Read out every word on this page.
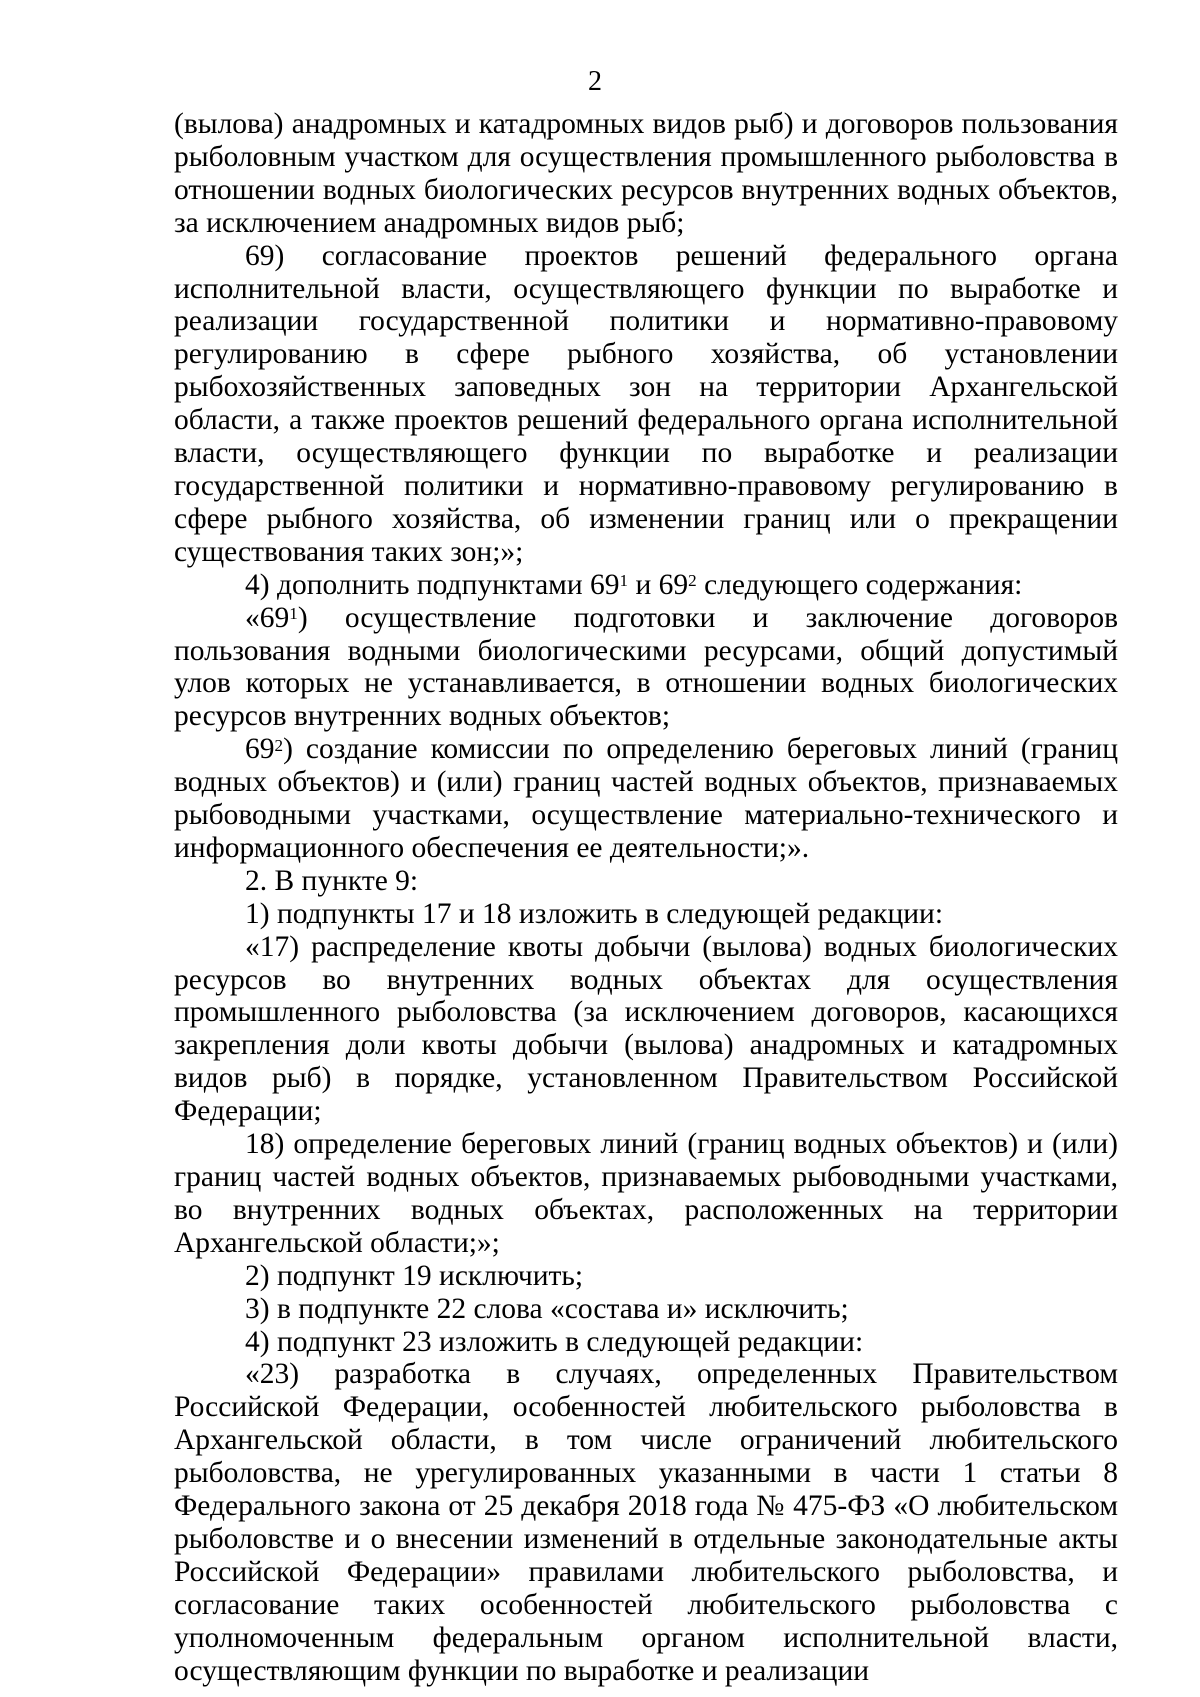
2

(вылова) анадромных и катадромных видов рыб) и договоров пользования рыболовным участком для осуществления промышленного рыболовства в отношении водных биологических ресурсов внутренних водных объектов, за исключением анадромных видов рыб;

69) согласование проектов решений федерального органа исполнительной власти, осуществляющего функции по выработке и реализации государственной политики и нормативно-правовому регулированию в сфере рыбного хозяйства, об установлении рыбохозяйственных заповедных зон на территории Архангельской области, а также проектов решений федерального органа исполнительной власти, осуществляющего функции по выработке и реализации государственной политики и нормативно-правовому регулированию в сфере рыбного хозяйства, об изменении границ или о прекращении существования таких зон;»;

4) дополнить подпунктами $69^1$ и $69^2$ следующего содержания:

«$69^1$) осуществление подготовки и заключение договоров пользования водными биологическими ресурсами, общий допустимый улов которых не устанавливается, в отношении водных биологических ресурсов внутренних водных объектов;

$69^2$) создание комиссии по определению береговых линий (границ водных объектов) и (или) границ частей водных объектов, признаваемых рыбоводными участками, осуществление материально-технического и информационного обеспечения ее деятельности;».

2. В пункте 9:

1) подпункты 17 и 18 изложить в следующей редакции:

«17) распределение квоты добычи (вылова) водных биологических ресурсов во внутренних водных объектах для осуществления промышленного рыболовства (за исключением договоров, касающихся закрепления доли квоты добычи (вылова) анадромных и катадромных видов рыб) в порядке, установленном Правительством Российской Федерации;

18) определение береговых линий (границ водных объектов) и (или) границ частей водных объектов, признаваемых рыбоводными участками, во внутренних водных объектах, расположенных на территории Архангельской области;»;

2) подпункт 19 исключить;

3) в подпункте 22 слова «состава и» исключить;

4) подпункт 23 изложить в следующей редакции:

«23) разработка в случаях, определенных Правительством Российской Федерации, особенностей любительского рыболовства в Архангельской области, в том числе ограничений любительского рыболовства, не урегулированных указанными в части 1 статьи 8 Федерального закона от 25 декабря 2018 года № 475-ФЗ «О любительском рыболовстве и о внесении изменений в отдельные законодательные акты Российской Федерации» правилами любительского рыболовства, и согласование таких особенностей любительского рыболовства с уполномоченным федеральным органом исполнительной власти, осуществляющим функции по выработке и реализации
